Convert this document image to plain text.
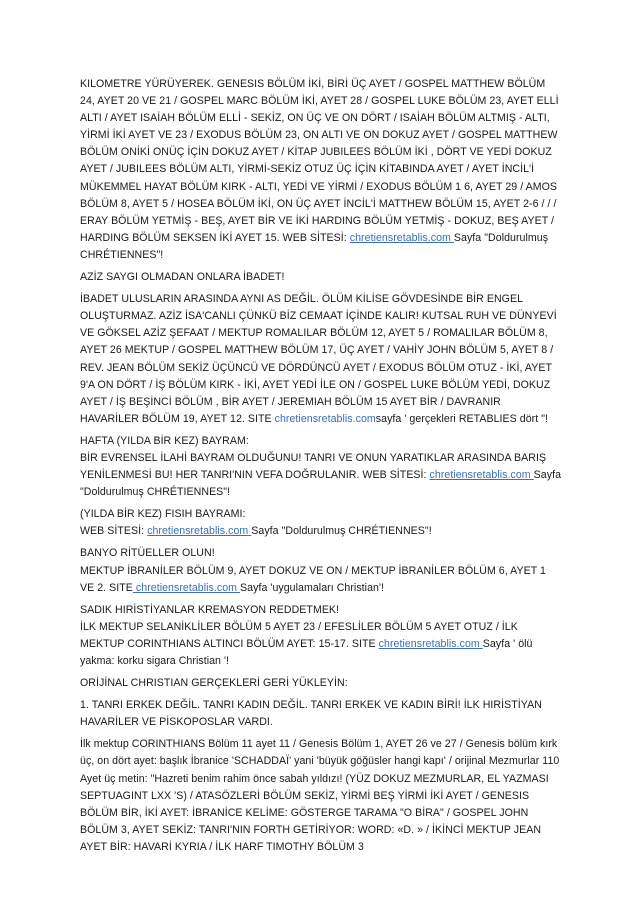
KILOMETRE YÜRÜYEREK. GENESIS BÖLÜM İKİ, BİRİ ÜÇ AYET / GOSPEL MATTHEW BÖLÜM 24, AYET 20 VE 21 / GOSPEL MARC BÖLÜM İKİ, AYET 28 / GOSPEL LUKE BÖLÜM 23, AYET ELLİ ALTI / AYET ISAİAH BÖLÜM ELLİ - SEKİZ, ON ÜÇ VE ON DÖRT / ISAİAH BÖLÜM ALTMIŞ - ALTI, YİRMİ İKİ AYET VE 23 / EXODUS BÖLÜM 23, ON ALTI VE ON DOKUZ AYET / GOSPEL MATTHEW BÖLÜM ONİKİ ONÜÇ İÇİN DOKUZ AYET / KİTAP JUBILEES BÖLÜM İKİ , DÖRT VE YEDİ DOKUZ AYET / JUBILEES BÖLÜM ALTI, YİRMİ-SEKİZ OTUZ ÜÇ İÇİN KİTABINDA AYET / AYET İNCİL'İ MÜKEMMEL HAYAT BÖLÜM KIRK - ALTI, YEDİ VE YİRMİ / EXODUS BÖLÜM 1 6, AYET 29 / AMOS BÖLÜM 8, AYET 5 / HOSEA BÖLÜM İKİ, ON ÜÇ AYET İNCİL'İ MATTHEW BÖLÜM 15, AYET 2-6 / / / ERAY BÖLÜM YETMİŞ - BEŞ, AYET BİR VE İKİ HARDING BÖLÜM YETMİŞ - DOKUZ, BEŞ AYET / HARDING BÖLÜM SEKSEN İKİ AYET 15. WEB SİTESİ: chretiensretablis.com Sayfa "Doldurulmuş CHRÉTIENNES"!

AZİZ SAYGI OLMADAN ONLARA İBADET!

İBADET ULUSLARIN ARASINDA AYNI AS DEĞİL. ÖLÜM KİLİSE GÖVDESİNDE BİR ENGEL OLUŞTURMAZ. AZİZ İSA'CANLI ÇÜNKÜ BİZ CEMAAT İÇİNDE KALIR! KUTSAL RUH VE DÜNYEVİ VE GÖKSEL AZİZ ŞEFAAT / MEKTUP ROMALILAR BÖLÜM 12, AYET 5 / ROMALILAR BÖLÜM 8, AYET 26 MEKTUP / GOSPEL MATTHEW BÖLÜM 17, ÜÇ AYET / VAHİY JOHN BÖLÜM 5, AYET 8 / REV. JEAN BÖLÜM SEKİZ ÜÇÜNCÜ VE DÖRDÜNCÜ AYET / EXODUS BÖLÜM OTUZ - İKİ, AYET 9'A ON DÖRT / İŞ BÖLÜM KIRK - İKİ, AYET YEDİ İLE ON / GOSPEL LUKE BÖLÜM YEDİ, DOKUZ AYET / İŞ BEŞİNCİ BÖLÜM , BİR AYET / JEREMIAH BÖLÜM 15 AYET BİR / DAVRANIR HAVARİLER BÖLÜM 19, AYET 12. SITE chretiensretablis.comsayfa ' gerçekleri RETABLIES dört "!

HAFTA (YILDA BİR KEZ) BAYRAM:
BİR EVRENSEL İLAHİ BAYRAM OLDUĞUNU! TANRI VE ONUN YARATIKLAR ARASINDA BARIŞ YENİLENMESİ BU! HER TANRI'NIN VEFA DOĞRULANIR. WEB SİTESİ: chretiensretablis.com Sayfa "Doldurulmuş CHRÉTIENNES"!

(YILDA BİR KEZ) FISIH BAYRAMI:
WEB SİTESİ: chretiensretablis.com Sayfa "Doldurulmuş CHRÉTIENNES"!

BANYO RİTÜELLER OLUN!
MEKTUP İBRANİLER BÖLÜM 9, AYET DOKUZ VE ON / MEKTUP İBRANİLER BÖLÜM 6, AYET 1 VE 2. SITE chretiensretablis.com Sayfa 'uygulamaları Christian'!

SADIK HIRİSTİYANLAR KREMASYON REDDETMEK!
İLK MEKTUP SELANİKLİLER BÖLÜM 5 AYET 23 / EFESLİLER BÖLÜM 5 AYET OTUZ / İLK MEKTUP CORINTHIANS ALTINCI BÖLÜM AYET: 15-17. SITE chretiensretablis.com Sayfa ' ölü yakma: korku sigara Christian '!

ORİJİNAL CHRISTIAN GERÇEKLERİ GERİ YÜKLEYİN:

1. TANRI ERKEK DEĞİL. TANRI KADIN DEĞİL. TANRI ERKEK VE KADIN BİRİ! İLK HIRİSTİYAN HAVARİLER VE PİSKOPOSLAR VARDI.

İlk mektup CORINTHIANS Bölüm 11 ayet 11 / Genesis Bölüm 1, AYET 26 ve 27 / Genesis bölüm kırk üç, on dört ayet: başlık İbranice 'SCHADDAÏ' yani 'büyük göğüsler hangi kapı' / orijinal Mezmurlar 110 Ayet üç metin: "Hazreti benim rahim önce sabah yıldızı! (YÜZ DOKUZ MEZMURLAR, EL YAZMASI SEPTUAGINT LXX 'S) / ATASÖZLERİ BÖLÜM SEKİZ, YİRMİ BEŞ YİRMİ İKİ AYET / GENESIS BÖLÜM BİR, İKİ AYET: İBRANİCE KELİME: GÖSTERGE TARAMA "O BİRA" / GOSPEL JOHN BÖLÜM 3, AYET SEKİZ: TANRI'NIN FORTH GETİRİYOR: WORD: «D. » / İKİNCİ MEKTUP JEAN AYET BİR: HAVARİ KYRIA / İLK HARF TIMOTHY BÖLÜM 3
